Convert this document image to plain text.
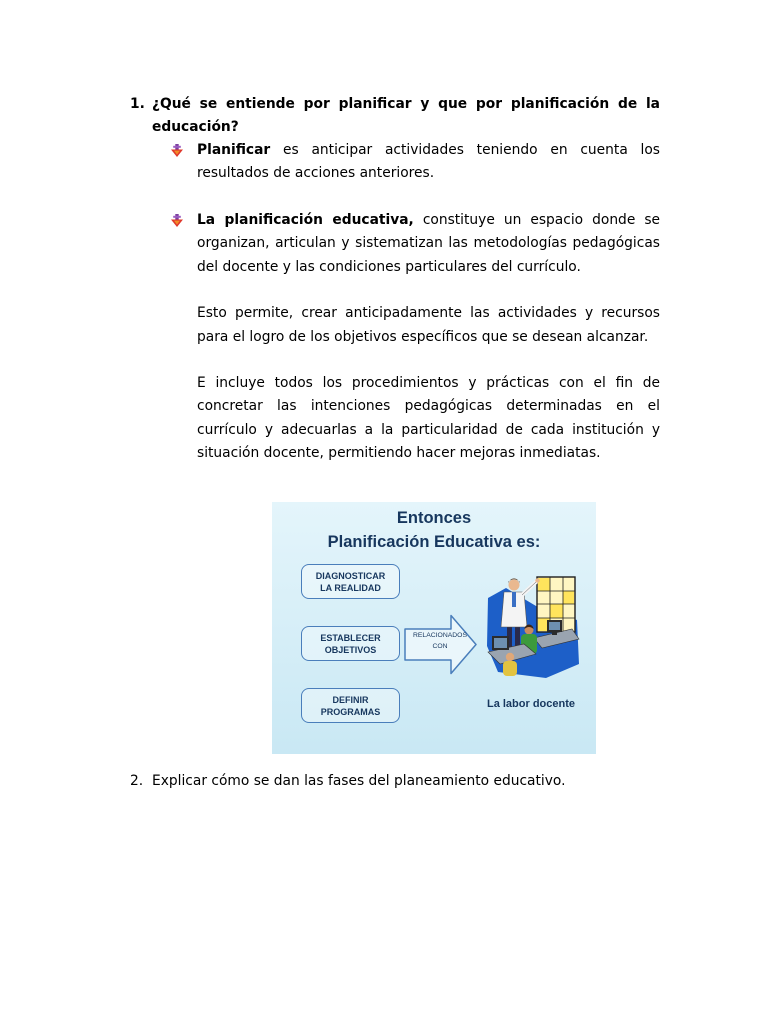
1. ¿Qué se entiende por planificar y que por planificación de la
educación?
Planificar es anticipar actividades teniendo en cuenta los
resultados de acciones anteriores.
La planificación educativa, constituye un espacio donde se
organizan, articulan y sistematizan las metodologías pedagógicas
del docente y las condiciones particulares del currículo.
Esto permite, crear anticipadamente las actividades y recursos
para el logro de los objetivos específicos que se desean alcanzar.
E incluye todos los procedimientos y prácticas con el fin de
concretar las intenciones pedagógicas determinadas en el
currículo y adecuarlas a la particularidad de cada institución y
situación docente, permitiendo hacer mejoras inmediatas.
Entonces
Planificación Educativa es:
DIAGNOSTICAR
LA REALIDAD
ESTABLECER
OBJETIVOS
DEFINIR
PROGRAMAS
RELACIONADOS
CON
La labor docente
2. Explicar cómo se dan las fases del planeamiento educativo.
